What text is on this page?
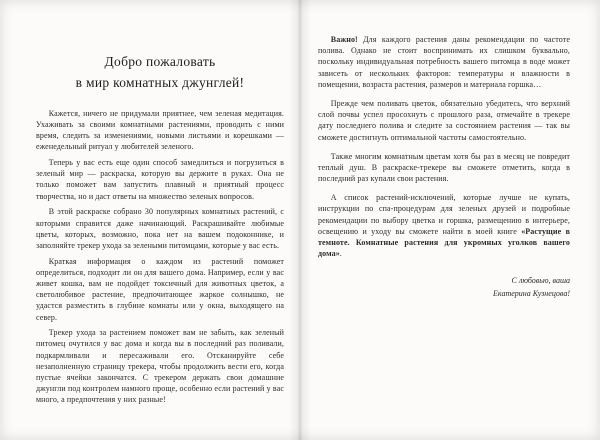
Добро пожаловать
в мир комнатных джунглей!

Кажется, ничего не придумали приятнее, чем зеленая медитация. Ухаживать за своими комнатными растениями, проводить с ними время, следить за изменениями, новыми листьями и корешками — еженедельный ритуал у любителей зеленого.

Теперь у вас есть еще один способ замедлиться и погрузиться в зеленый мир — раскраска, которую вы держите в руках. Она не только поможет вам запустить плавный и приятный процесс творчества, но и даст ответы на множество зеленых вопросов.

В этой раскраске собрано 30 популярных комнатных растений, с которыми справится даже начинающий. Раскрашивайте любимые цветы, которых, возможно, пока нет на вашем подоконнике, и заполняйте трекер ухода за зелеными питомцами, которые у вас есть.

Краткая информация о каждом из растений поможет определиться, подходит ли он для вашего дома. Например, если у вас живет кошка, вам не подойдет токсичный для животных цветок, а светолюбивое растение, предпочитающее жаркое солнышко, не удастся разместить в глубине комнаты или у окна, выходящего на север.

Трекер ухода за растением поможет вам не забыть, как зеленый питомец очутился у вас дома и когда вы в последний раз поливали, подкармливали и пересаживали его. Отсканируйте себе незаполненную страницу трекера, чтобы продолжить вести его, когда пустые ячейки закончатся. С трекером держать свои домашние джунгли под контролем намного проще, особенно если растений у вас много, а предпочтения у них разные!

Важно! Для каждого растения даны рекомендации по частоте полива. Однако не стоит воспринимать их слишком буквально, поскольку индивидуальная потребность вашего питомца в воде может зависеть от нескольких факторов: температуры и влажности в помещении, возраста растения, размеров и материала горшка…

Прежде чем поливать цветок, обязательно убедитесь, что верхний слой почвы успел просохнуть с прошлого раза, отмечайте в трекере дату последнего полива и следите за состоянием растения — так вы сможете достигнуть оптимальной частоты самостоятельно.

Также многим комнатным цветам хотя бы раз в месяц не повредит теплый душ. В раскраске-трекере вы сможете отметить, когда в последний раз купали свои растения.

А список растений-исключений, которые лучше не купать, инструкции по спа-процедурам для зеленых друзей и подробные рекомендации по выбору цветка и горшка, размещению в интерьере, освещению и уходу вы сможете найти в моей книге «Растущие в темноте. Комнатные растения для укромных уголков вашего дома».

С любовью, ваша
Екатерина Кузнецова!
